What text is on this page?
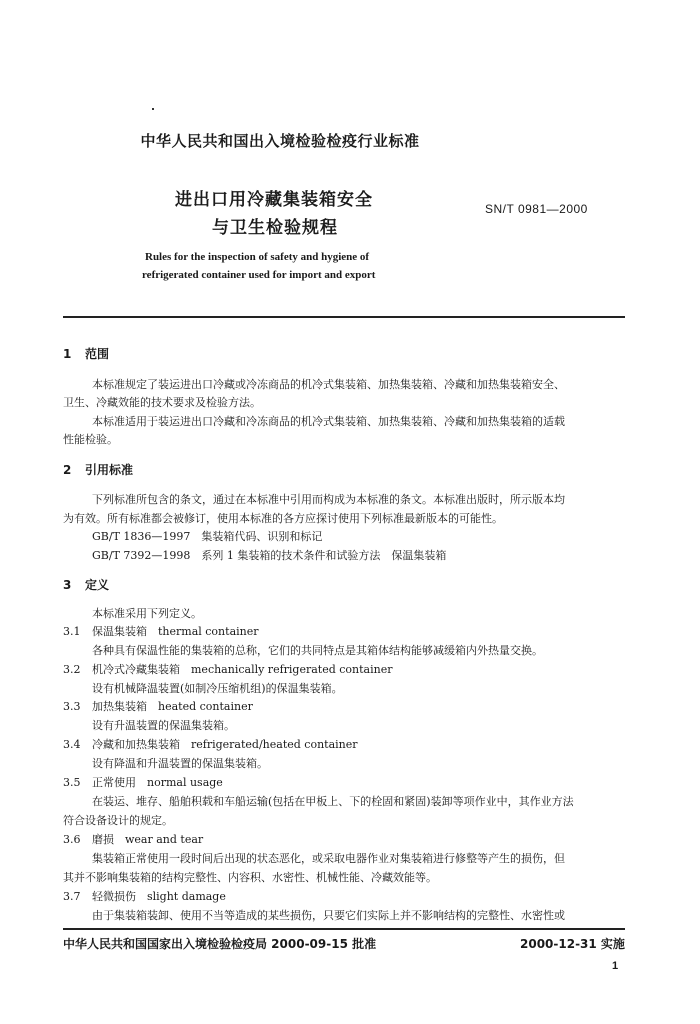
中华人民共和国出入境检验检疫行业标准
进出口用冷藏集装箱安全
与卫生检验规程
SN/T 0981—2000
Rules for the inspection of safety and hygiene of
refrigerated container used for import and export
1 范围
本标准规定了装运进出口冷藏或冷冻商品的机冷式集装箱、加热集装箱、冷藏和加热集装箱安全、
卫生、冷藏效能的技术要求及检验方法。
本标准适用于装运进出口冷藏和冷冻商品的机冷式集装箱、加热集装箱、冷藏和加热集装箱的适载
性能检验。
2 引用标准
下列标准所包含的条文，通过在本标准中引用而构成为本标准的条文。本标准出版时，所示版本均
为有效。所有标准都会被修订，使用本标准的各方应探讨使用下列标准最新版本的可能性。
GB/T 1836—1997　集装箱代码、识别和标记
GB/T 7392—1998　系列 1 集装箱的技术条件和试验方法　保温集装箱
3 定义
本标准采用下列定义。
3.1 保温集装箱　thermal container
各种具有保温性能的集装箱的总称，它们的共同特点是其箱体结构能够减缓箱内外热量交换。
3.2 机冷式冷藏集装箱　mechanically refrigerated container
设有机械降温装置(如制冷压缩机组)的保温集装箱。
3.3 加热集装箱　heated container
设有升温装置的保温集装箱。
3.4 冷藏和加热集装箱　refrigerated/heated container
设有降温和升温装置的保温集装箱。
3.5 正常使用　normal usage
在装运、堆存、船舶积载和车船运输(包括在甲板上、下的栓固和紧固)装卸等项作业中，其作业方法
符合设备设计的规定。
3.6 磨损　wear and tear
集装箱正常使用一段时间后出现的状态恶化，或采取电器作业对集装箱进行修整等产生的损伤，但
其并不影响集装箱的结构完整性、内容积、水密性、机械性能、冷藏效能等。
3.7 轻微损伤　slight damage
由于集装箱装卸、使用不当等造成的某些损伤，只要它们实际上并不影响结构的完整性、水密性或
中华人民共和国国家出入境检验检疫局 2000-09-15 批准	2000-12-31 实施
1
